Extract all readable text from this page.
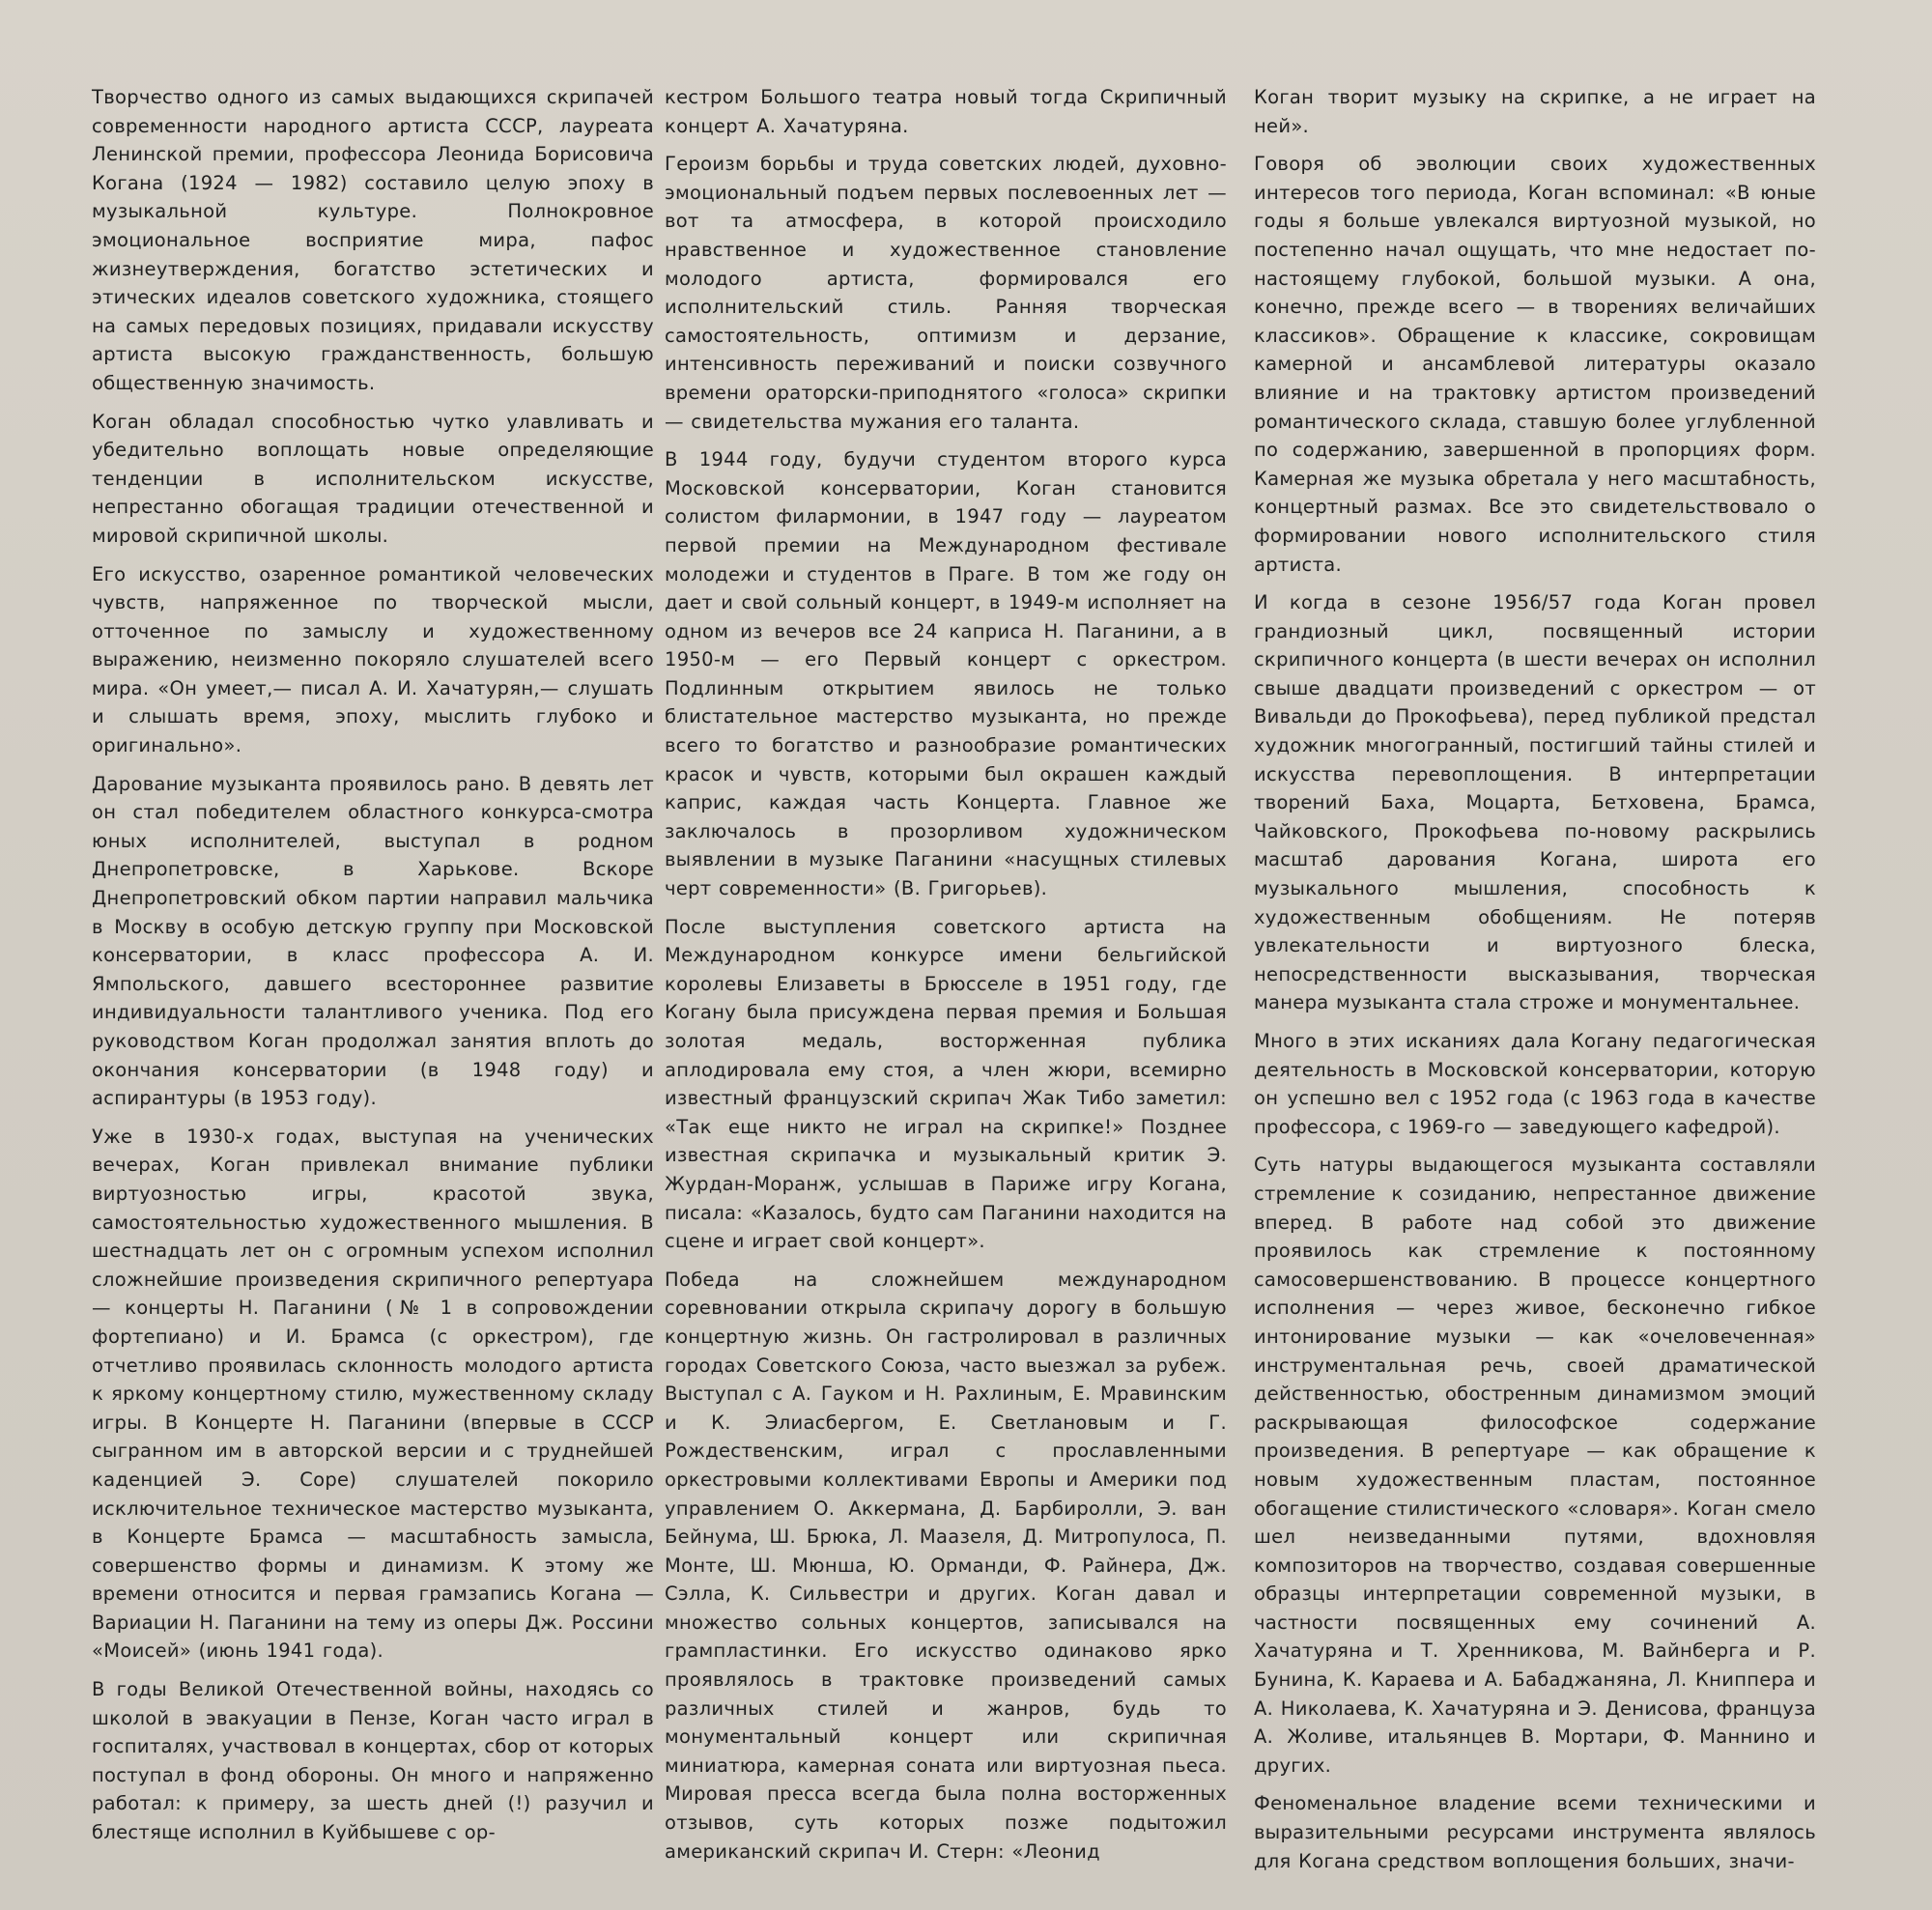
Творчество одного из самых выдающихся скрипачей современности народного артиста СССР, лауреата Ленинской премии, профессора Леонида Борисовича Когана (1924 — 1982) составило целую эпоху в музыкальной культуре. Полнокровное эмоциональное восприятие мира, пафос жизнеутверждения, богатство эстетических и этических идеалов советского художника, стоящего на самых передовых позициях, придавали искусству артиста высокую гражданственность, большую общественную значимость.

Коган обладал способностью чутко улавливать и убедительно воплощать новые определяющие тенденции в исполнительском искусстве, непрестанно обогащая традиции отечественной и мировой скрипичной школы.

Его искусство, озаренное романтикой человеческих чувств, напряженное по творческой мысли, отточенное по замыслу и художественному выражению, неизменно покоряло слушателей всего мира. «Он умеет,— писал А. И. Хачатурян,— слушать и слышать время, эпоху, мыслить глубоко и оригинально».

Дарование музыканта проявилось рано. В девять лет он стал победителем областного конкурса-смотра юных исполнителей, выступал в родном Днепропетровске, в Харькове. Вскоре Днепропетровский обком партии направил мальчика в Москву в особую детскую группу при Московской консерватории, в класс профессора А. И. Ямпольского, давшего всестороннее развитие индивидуальности талантливого ученика. Под его руководством Коган продолжал занятия вплоть до окончания консерватории (в 1948 году) и аспирантуры (в 1953 году).

Уже в 1930-х годах, выступая на ученических вечерах, Коган привлекал внимание публики виртуозностью игры, красотой звука, самостоятельностью художественного мышления. В шестнадцать лет он с огромным успехом исполнил сложнейшие произведения скрипичного репертуара — концерты Н. Паганини (№ 1 в сопровождении фортепиано) и И. Брамса (с оркестром), где отчетливо проявилась склонность молодого артиста к яркому концертному стилю, мужественному складу игры. В Концерте Н. Паганини (впервые в СССР сыгранном им в авторской версии и с труднейшей каденцией Э. Соре) слушателей покорило исключительное техническое мастерство музыканта, в Концерте Брамса — масштабность замысла, совершенство формы и динамизм. К этому же времени относится и первая грамзапись Когана — Вариации Н. Паганини на тему из оперы Дж. Россини «Моисей» (июнь 1941 года).

В годы Великой Отечественной войны, находясь со школой в эвакуации в Пензе, Коган часто играл в госпиталях, участвовал в концертах, сбор от которых поступал в фонд обороны. Он много и напряженно работал: к примеру, за шесть дней (!) разучил и блестяще исполнил в Куйбышеве с ор-

кестром Большого театра новый тогда Скрипичный концерт А. Хачатуряна.

Героизм борьбы и труда советских людей, духовно-эмоциональный подъем первых послевоенных лет — вот та атмосфера, в которой происходило нравственное и художественное становление молодого артиста, формировался его исполнительский стиль. Ранняя творческая самостоятельность, оптимизм и дерзание, интенсивность переживаний и поиски созвучного времени ораторски-приподнятого «голоса» скрипки — свидетельства мужания его таланта.

В 1944 году, будучи студентом второго курса Московской консерватории, Коган становится солистом филармонии, в 1947 году — лауреатом первой премии на Международном фестивале молодежи и студентов в Праге. В том же году он дает и свой сольный концерт, в 1949-м исполняет на одном из вечеров все 24 каприса Н. Паганини, а в 1950-м — его Первый концерт с оркестром. Подлинным открытием явилось не только блистательное мастерство музыканта, но прежде всего то богатство и разнообразие романтических красок и чувств, которыми был окрашен каждый каприс, каждая часть Концерта. Главное же заключалось в прозорливом художническом выявлении в музыке Паганини «насущных стилевых черт современности» (В. Григорьев).

После выступления советского артиста на Международном конкурсе имени бельгийской королевы Елизаветы в Брюсселе в 1951 году, где Когану была присуждена первая премия и Большая золотая медаль, восторженная публика аплодировала ему стоя, а член жюри, всемирно известный французский скрипач Жак Тибо заметил: «Так еще никто не играл на скрипке!» Позднее известная скрипачка и музыкальный критик Э. Журдан-Моранж, услышав в Париже игру Когана, писала: «Казалось, будто сам Паганини находится на сцене и играет свой концерт».

Победа на сложнейшем международном соревновании открыла скрипачу дорогу в большую концертную жизнь. Он гастролировал в различных городах Советского Союза, часто выезжал за рубеж. Выступал с А. Гауком и Н. Рахлиным, Е. Мравинским и К. Элиасбергом, Е. Светлановым и Г. Рождественским, играл с прославленными оркестровыми коллективами Европы и Америки под управлением О. Аккермана, Д. Барбиролли, Э. ван Бейнума, Ш. Брюка, Л. Маазеля, Д. Митропулоса, П. Монте, Ш. Мюнша, Ю. Орманди, Ф. Райнера, Дж. Сэлла, К. Сильвестри и других. Коган давал и множество сольных концертов, записывался на грампластинки. Его искусство одинаково ярко проявлялось в трактовке произведений самых различных стилей и жанров, будь то монументальный концерт или скрипичная миниатюра, камерная соната или виртуозная пьеса. Мировая пресса всегда была полна восторженных отзывов, суть которых позже подытожил американский скрипач И. Стерн: «Леонид

Коган творит музыку на скрипке, а не играет на ней».

Говоря об эволюции своих художественных интересов того периода, Коган вспоминал: «В юные годы я больше увлекался виртуозной музыкой, но постепенно начал ощущать, что мне недостает по-настоящему глубокой, большой музыки. А она, конечно, прежде всего — в творениях величайших классиков». Обращение к классике, сокровищам камерной и ансамблевой литературы оказало влияние и на трактовку артистом произведений романтического склада, ставшую более углубленной по содержанию, завершенной в пропорциях форм. Камерная же музыка обретала у него масштабность, концертный размах. Все это свидетельствовало о формировании нового исполнительского стиля артиста.

И когда в сезоне 1956/57 года Коган провел грандиозный цикл, посвященный истории скрипичного концерта (в шести вечерах он исполнил свыше двадцати произведений с оркестром — от Вивальди до Прокофьева), перед публикой предстал художник многогранный, постигший тайны стилей и искусства перевоплощения. В интерпретации творений Баха, Моцарта, Бетховена, Брамса, Чайковского, Прокофьева по-новому раскрылись масштаб дарования Когана, широта его музыкального мышления, способность к художественным обобщениям. Не потеряв увлекательности и виртуозного блеска, непосредственности высказывания, творческая манера музыканта стала строже и монументальнее.

Много в этих исканиях дала Когану педагогическая деятельность в Московской консерватории, которую он успешно вел с 1952 года (с 1963 года в качестве профессора, с 1969-го — заведующего кафедрой).

Суть натуры выдающегося музыканта составляли стремление к созиданию, непрестанное движение вперед. В работе над собой это движение проявилось как стремление к постоянному самосовершенствованию. В процессе концертного исполнения — через живое, бесконечно гибкое интонирование музыки — как «очеловеченная» инструментальная речь, своей драматической действенностью, обостренным динамизмом эмоций раскрывающая философское содержание произведения. В репертуаре — как обращение к новым художественным пластам, постоянное обогащение стилистического «словаря». Коган смело шел неизведанными путями, вдохновляя композиторов на творчество, создавая совершенные образцы интерпретации современной музыки, в частности посвященных ему сочинений А. Хачатуряна и Т. Хренникова, М. Вайнберга и Р. Бунина, К. Караева и А. Бабаджаняна, Л. Книппера и А. Николаева, К. Хачатуряна и Э. Денисова, француза А. Жоливе, итальянцев В. Мортари, Ф. Маннино и других.

Феноменальное владение всеми техническими и выразительными ресурсами инструмента являлось для Когана средством воплощения больших, значи-
